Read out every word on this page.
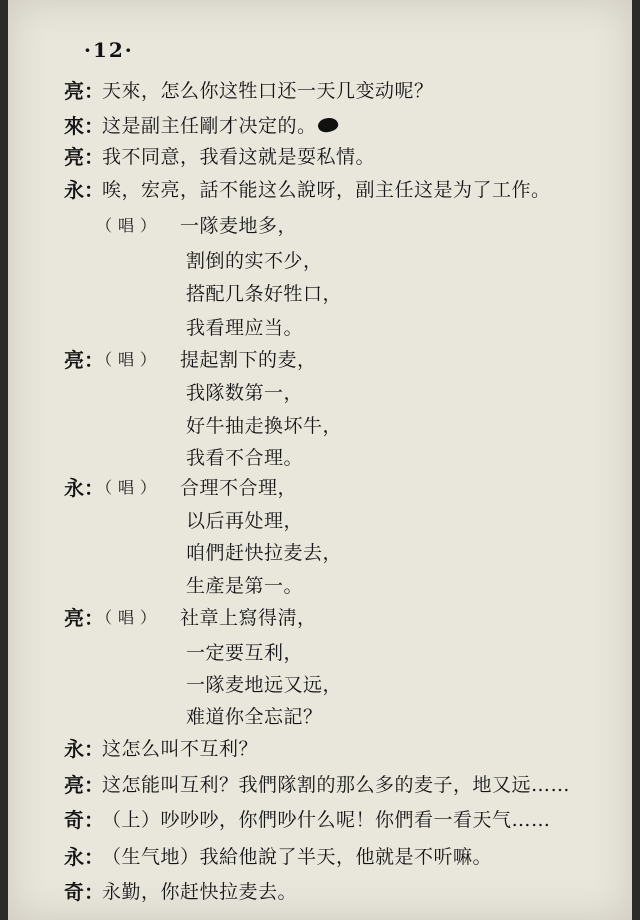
·12·
亮：
天來，怎么你这牲口还一天几变动呢？
來：
这是副主任剛才决定的。
亮：
我不同意，我看这就是耍私情。
永：
唉，宏亮，話不能这么說呀，副主任这是为了工作。
（唱） 一隊麦地多，
割倒的实不少，
搭配几条好牲口，
我看理应当。
亮：
（唱） 提起割下的麦，
我隊数第一，
好牛抽走換坏牛，
我看不合理。
永：
（唱） 合理不合理，
以后再处理，
咱們赶快拉麦去，
生產是第一。
亮：
（唱） 社章上寫得淸，
一定要互利，
一隊麦地远又远，
难道你全忘記？
永：
这怎么叫不互利？
亮：
这怎能叫互利？我們隊割的那么多的麦子，地又远……
奇：
（上）吵吵吵，你們吵什么呢！你們看一看天气……
永：
（生气地）我給他說了半天，他就是不听嘛。
奇：
永勤，你赶快拉麦去。
